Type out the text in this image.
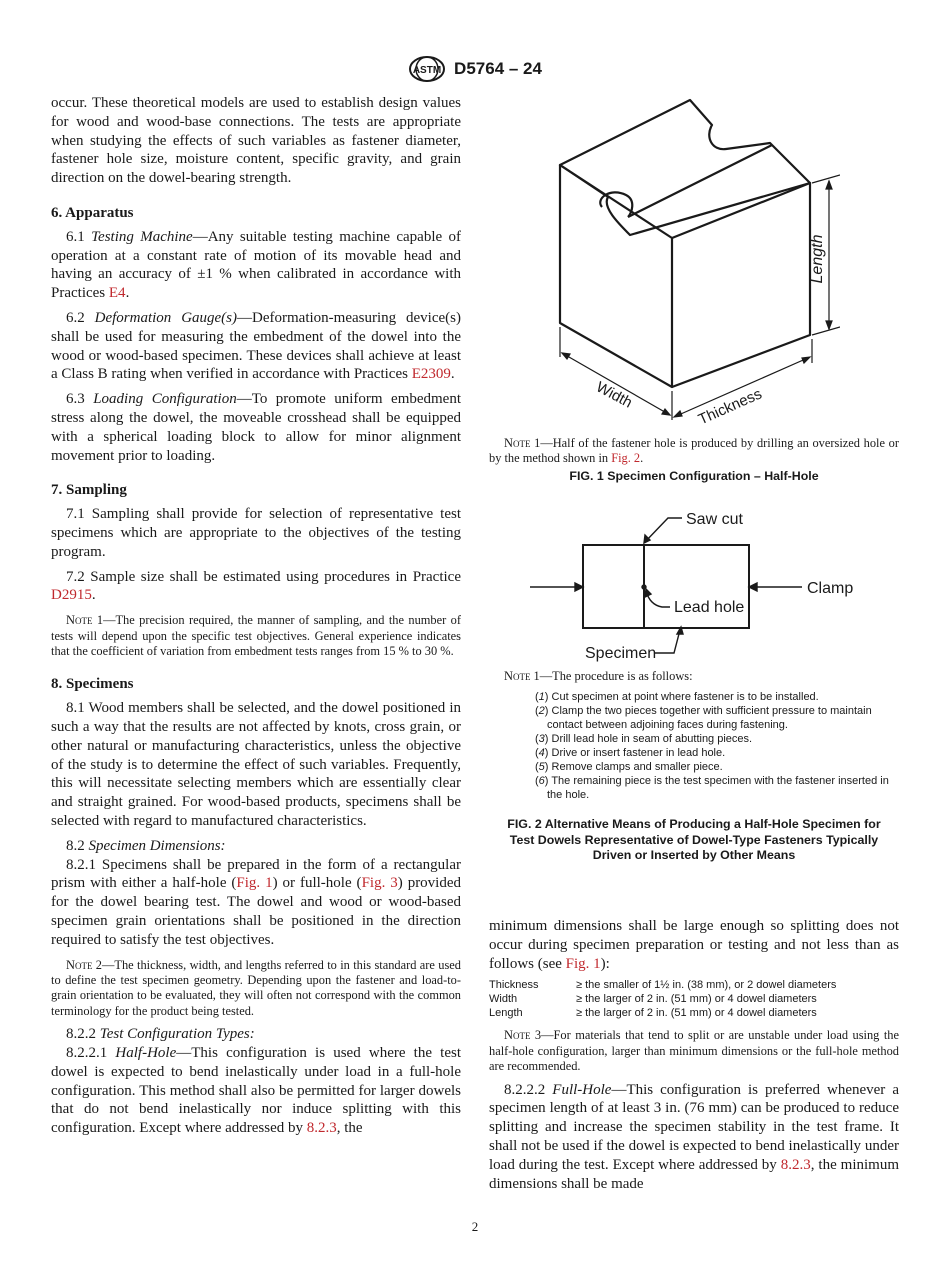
ASTM D5764 – 24

occur. These theoretical models are used to establish design values for wood and wood-base connections. The tests are appropriate when studying the effects of such variables as fastener diameter, fastener hole size, moisture content, specific gravity, and grain direction on the dowel-bearing strength.

6. Apparatus

6.1 Testing Machine—Any suitable testing machine capable of operation at a constant rate of motion of its movable head and having an accuracy of ±1 % when calibrated in accordance with Practices E4.

6.2 Deformation Gauge(s)—Deformation-measuring device(s) shall be used for measuring the embedment of the dowel into the wood or wood-based specimen. These devices shall achieve at least a Class B rating when verified in accordance with Practices E2309.

6.3 Loading Configuration—To promote uniform embedment stress along the dowel, the moveable crosshead shall be equipped with a spherical loading block to allow for minor alignment movement prior to loading.

7. Sampling

7.1 Sampling shall provide for selection of representative test specimens which are appropriate to the objectives of the testing program.

7.2 Sample size shall be estimated using procedures in Practice D2915.

Note 1—The precision required, the manner of sampling, and the number of tests will depend upon the specific test objectives. General experience indicates that the coefficient of variation from embedment tests ranges from 15 % to 30 %.

8. Specimens

8.1 Wood members shall be selected, and the dowel positioned in such a way that the results are not affected by knots, cross grain, or other natural or manufacturing characteristics, unless the objective of the study is to determine the effect of such variables. Frequently, this will necessitate selecting members which are essentially clear and straight grained. For wood-based products, specimens shall be selected with regard to manufactured characteristics.

8.2 Specimen Dimensions:

8.2.1 Specimens shall be prepared in the form of a rectangular prism with either a half-hole (Fig. 1) or full-hole (Fig. 3) provided for the dowel bearing test. The dowel and wood or wood-based specimen grain orientations shall be positioned in the direction required to satisfy the test objectives.

Note 2—The thickness, width, and lengths referred to in this standard are used to define the test specimen geometry. Depending upon the fastener and load-to-grain orientation to be evaluated, they will often not correspond with the common terminology for the product being tested.

8.2.2 Test Configuration Types:

8.2.2.1 Half-Hole—This configuration is used where the test dowel is expected to bend inelastically under load in a full-hole configuration. This method shall also be permitted for larger dowels that do not bend inelastically nor induce splitting with this configuration. Except where addressed by 8.2.3, the

Length
Width	Thickness

Note 1—Half of the fastener hole is produced by drilling an oversized hole or by the method shown in Fig. 2.

FIG. 1 Specimen Configuration – Half-Hole

Saw cut
Clamp
Lead hole
Specimen

Note 1—The procedure is as follows:

(1) Cut specimen at point where fastener is to be installed.
(2) Clamp the two pieces together with sufficient pressure to maintain contact between adjoining faces during fastening.
(3) Drill lead hole in seam of abutting pieces.
(4) Drive or insert fastener in lead hole.
(5) Remove clamps and smaller piece.
(6) The remaining piece is the test specimen with the fastener inserted in the hole.

FIG. 2 Alternative Means of Producing a Half-Hole Specimen for Test Dowels Representative of Dowel-Type Fasteners Typically Driven or Inserted by Other Means

minimum dimensions shall be large enough so splitting does not occur during specimen preparation or testing and not less than as follows (see Fig. 1):

Thickness	≥ the smaller of 1½ in. (38 mm), or 2 dowel diameters
Width	≥ the larger of 2 in. (51 mm) or 4 dowel diameters
Length	≥ the larger of 2 in. (51 mm) or 4 dowel diameters

Note 3—For materials that tend to split or are unstable under load using the half-hole configuration, larger than minimum dimensions or the full-hole method are recommended.

8.2.2.2 Full-Hole—This configuration is preferred whenever a specimen length of at least 3 in. (76 mm) can be produced to reduce splitting and increase the specimen stability in the test frame. It shall not be used if the dowel is expected to bend inelastically under load during the test. Except where addressed by 8.2.3, the minimum dimensions shall be made

2
